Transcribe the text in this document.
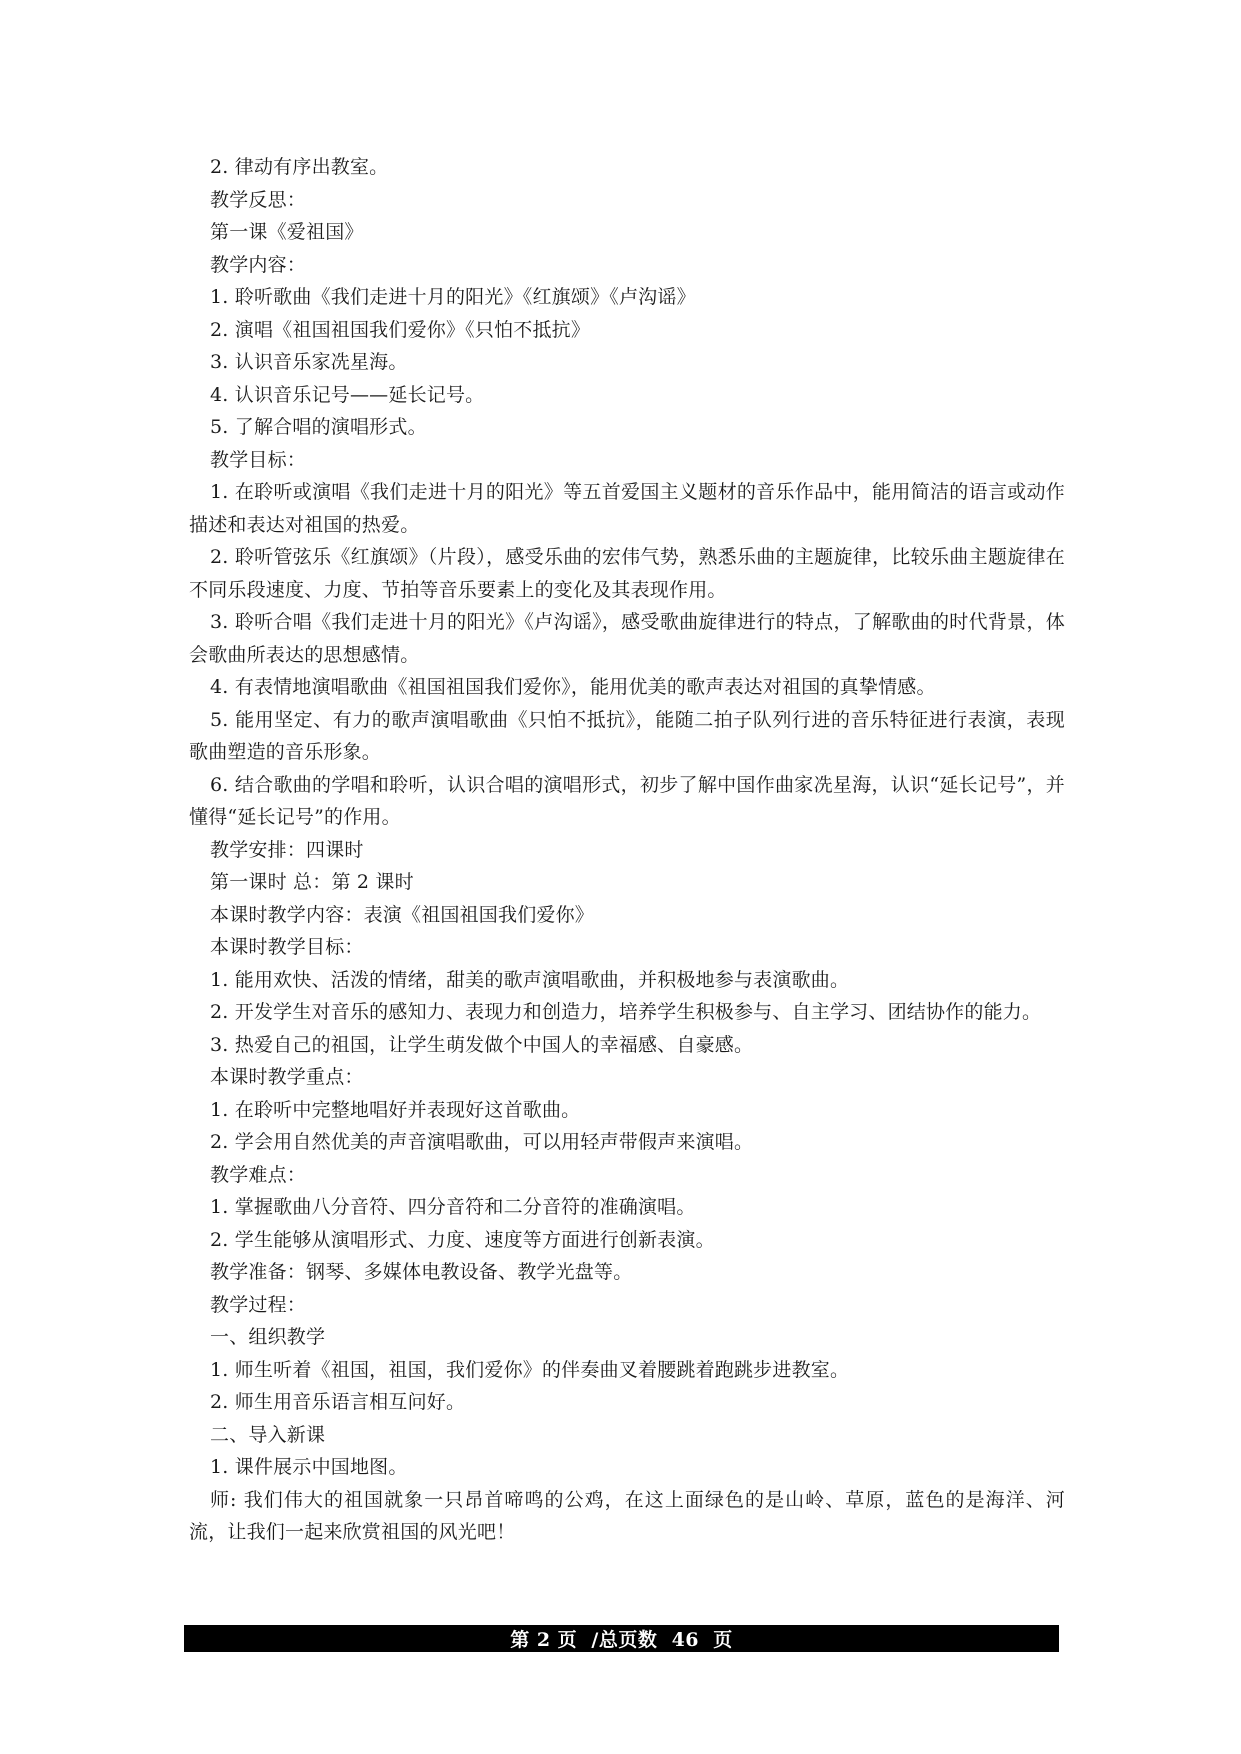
2. 律动有序出教室。

教学反思：

第一课《爱祖国》

教学内容：

1. 聆听歌曲《我们走进十月的阳光》《红旗颂》《卢沟谣》

2. 演唱《祖国祖国我们爱你》《只怕不抵抗》

3. 认识音乐家冼星海。

4. 认识音乐记号——延长记号。

5. 了解合唱的演唱形式。

教学目标：

1. 在聆听或演唱《我们走进十月的阳光》等五首爱国主义题材的音乐作品中，能用简洁的语言或动作描述和表达对祖国的热爱。

2. 聆听管弦乐《红旗颂》（片段），感受乐曲的宏伟气势，熟悉乐曲的主题旋律，比较乐曲主题旋律在不同乐段速度、力度、节拍等音乐要素上的变化及其表现作用。

3. 聆听合唱《我们走进十月的阳光》《卢沟谣》，感受歌曲旋律进行的特点，了解歌曲的时代背景，体会歌曲所表达的思想感情。

4. 有表情地演唱歌曲《祖国祖国我们爱你》，能用优美的歌声表达对祖国的真挚情感。

5. 能用坚定、有力的歌声演唱歌曲《只怕不抵抗》，能随二拍子队列行进的音乐特征进行表演，表现歌曲塑造的音乐形象。

6. 结合歌曲的学唱和聆听，认识合唱的演唱形式，初步了解中国作曲家冼星海，认识“延长记号”，并懂得“延长记号”的作用。

教学安排：四课时

第一课时 总：第 2 课时

本课时教学内容：表演《祖国祖国我们爱你》

本课时教学目标：

1. 能用欢快、活泼的情绪，甜美的歌声演唱歌曲，并积极地参与表演歌曲。

2. 开发学生对音乐的感知力、表现力和创造力，培养学生积极参与、自主学习、团结协作的能力。

3. 热爱自己的祖国，让学生萌发做个中国人的幸福感、自豪感。

本课时教学重点：

1. 在聆听中完整地唱好并表现好这首歌曲。

2. 学会用自然优美的声音演唱歌曲，可以用轻声带假声来演唱。

教学难点：

1. 掌握歌曲八分音符、四分音符和二分音符的准确演唱。

2. 学生能够从演唱形式、力度、速度等方面进行创新表演。

教学准备：钢琴、多媒体电教设备、教学光盘等。

教学过程：

一、组织教学

1. 师生听着《祖国，祖国，我们爱你》的伴奏曲叉着腰跳着跑跳步进教室。

2. 师生用音乐语言相互问好。

二、导入新课

1. 课件展示中国地图。

师: 我们伟大的祖国就象一只昂首啼鸣的公鸡，在这上面绿色的是山岭、草原，蓝色的是海洋、河流，让我们一起来欣赏祖国的风光吧！

第 2 页  /总页数  46  页
